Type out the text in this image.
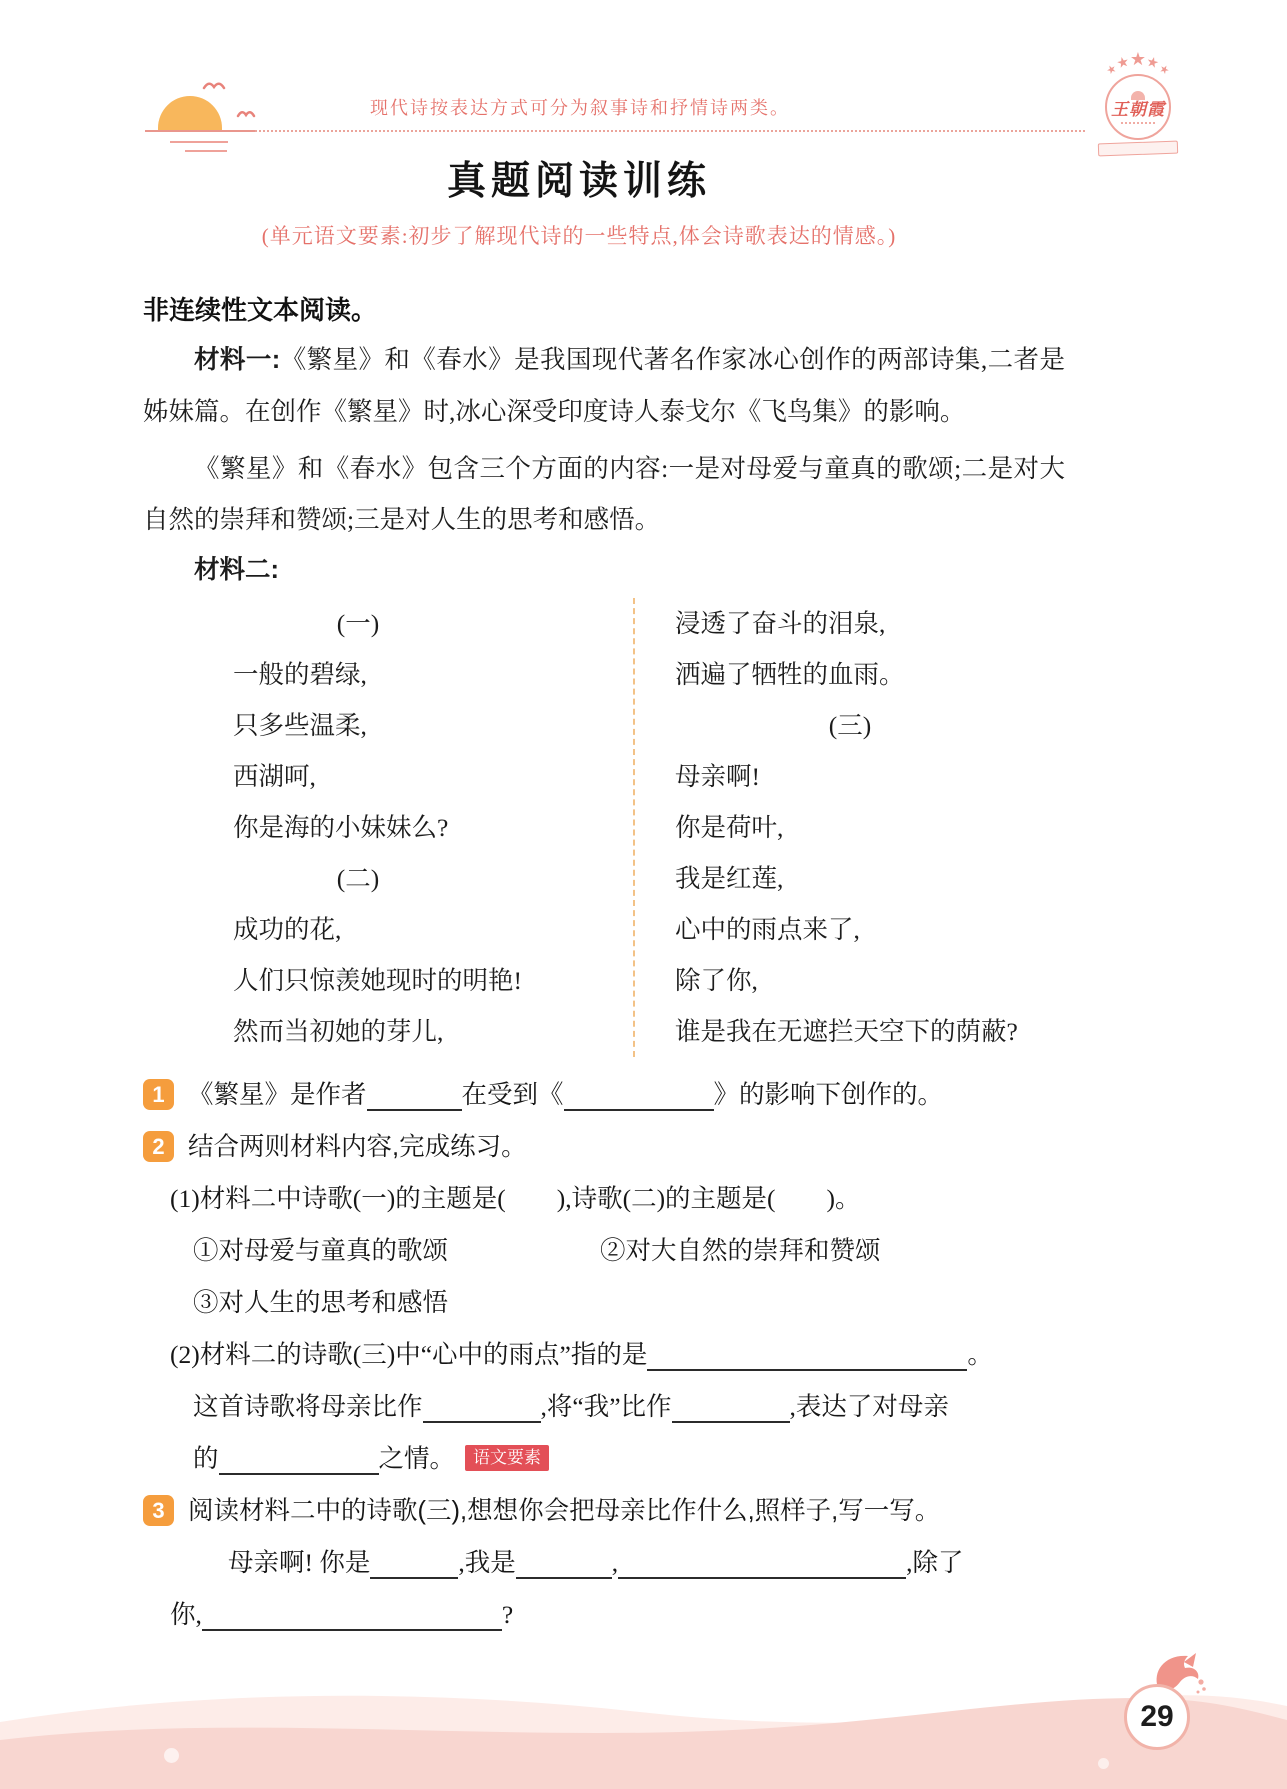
现代诗按表达方式可分为叙事诗和抒情诗两类。
★
★
★
★
★
王朝霞
真题阅读训练
(单元语文要素:初步了解现代诗的一些特点,体会诗歌表达的情感。)
非连续性文本阅读。

材料一:《繁星》和《春水》是我国现代著名作家冰心创作的两部诗集,二者是姊妹篇。在创作《繁星》时,冰心深受印度诗人泰戈尔《飞鸟集》的影响。

《繁星》和《春水》包含三个方面的内容:一是对母爱与童真的歌颂;二是对大自然的崇拜和赞颂;三是对人生的思考和感悟。

材料二:
(一)
一般的碧绿,
只多些温柔,
西湖呵,
你是海的小妹妹么?
(二)
成功的花,
人们只惊羡她现时的明艳!
然而当初她的芽儿,
浸透了奋斗的泪泉,
洒遍了牺牲的血雨。
(三)
母亲啊!
你是荷叶,
我是红莲,
心中的雨点来了,
除了你,
谁是我在无遮拦天空下的荫蔽?
1 《繁星》是作者	在受到《	》的影响下创作的。
2 结合两则材料内容,完成练习。
(1)材料二中诗歌(一)的主题是(　　),诗歌(二)的主题是(　　)。
①对母爱与童真的歌颂	②对大自然的崇拜和赞颂
③对人生的思考和感悟
(2)材料二的诗歌(三)中“心中的雨点”指的是	。
这首诗歌将母亲比作	,将“我”比作	,表达了对母亲
的	之情。 语文要素
3 阅读材料二中的诗歌(三),想想你会把母亲比作什么,照样子,写一写。
母亲啊! 你是	,我是	,	,除了
你,	?
29
